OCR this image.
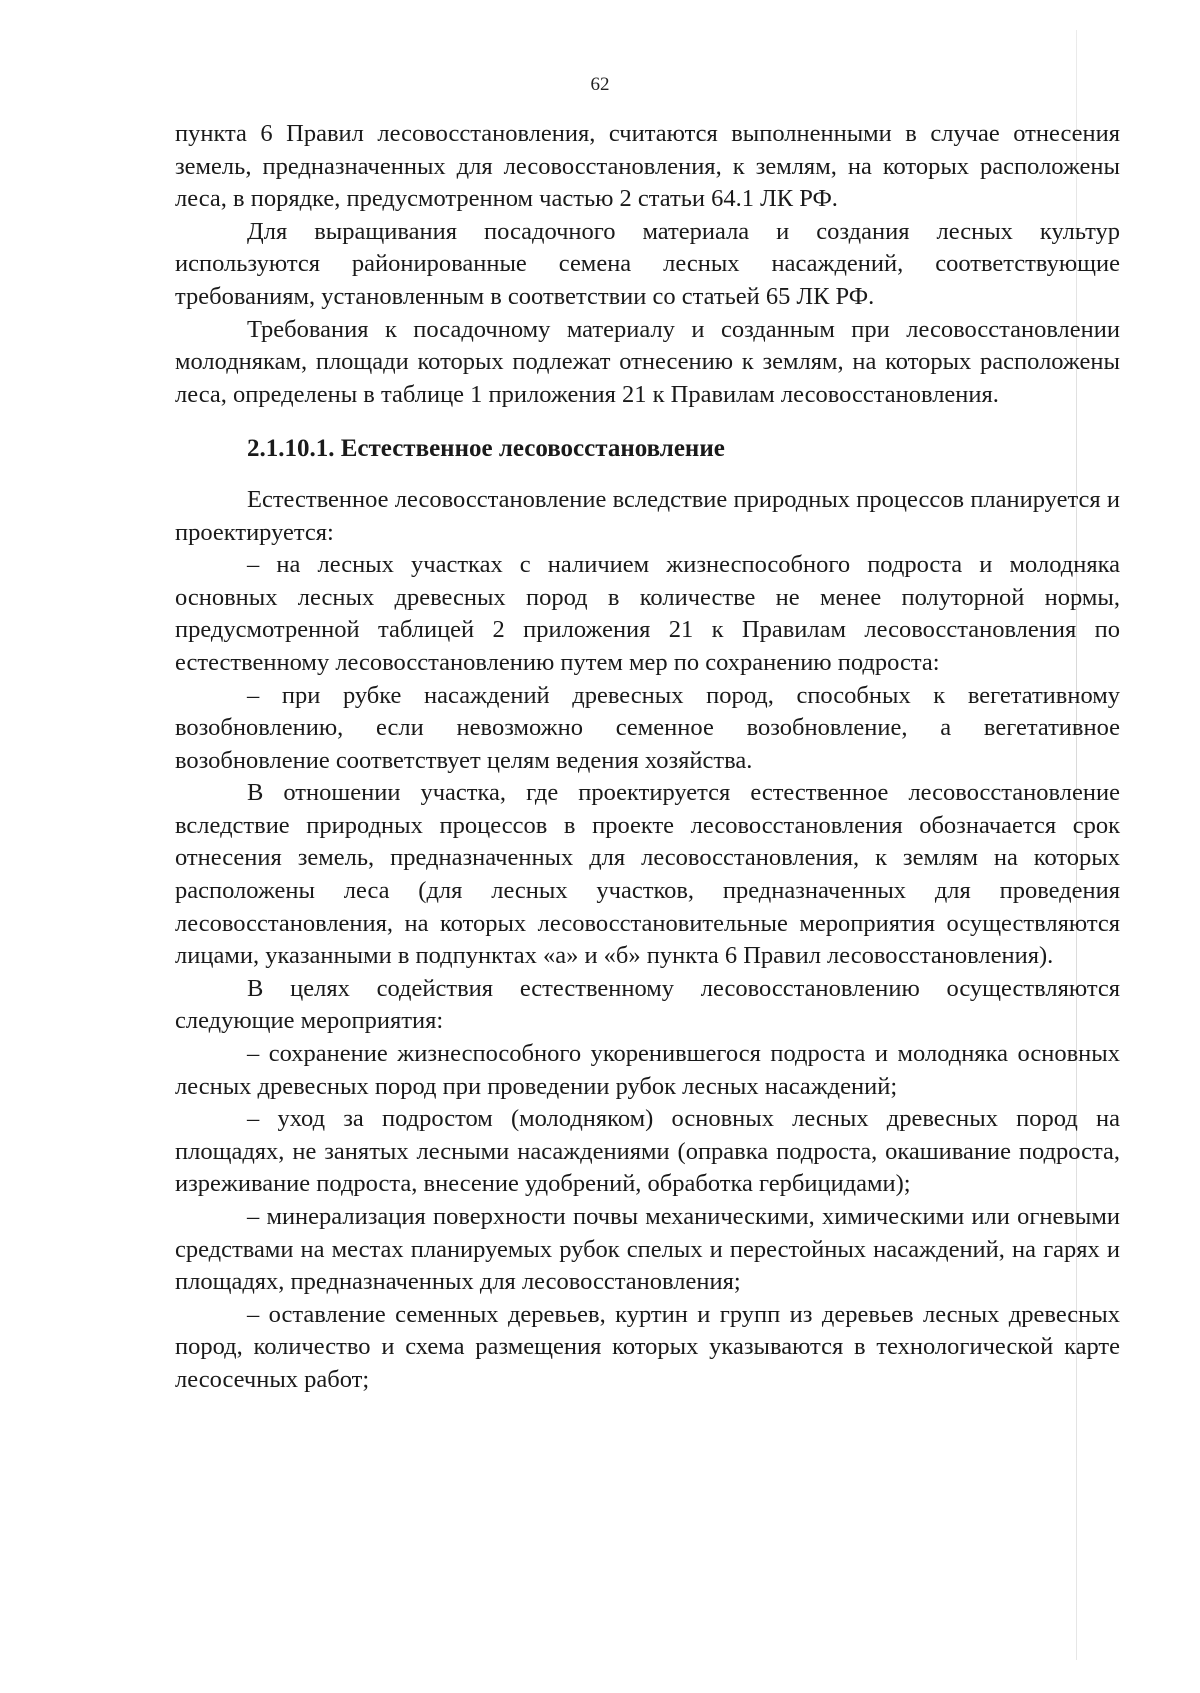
62

пункта 6 Правил лесовосстановления, считаются выполненными в случае отнесения земель, предназначенных для лесовосстановления, к землям, на которых расположены леса, в порядке, предусмотренном частью 2 статьи 64.1 ЛК РФ.

Для выращивания посадочного материала и создания лесных культур используются районированные семена лесных насаждений, соответствующие требованиям, установленным в соответствии со статьей 65 ЛК РФ.

Требования к посадочному материалу и созданным при лесовосстановлении молоднякам, площади которых подлежат отнесению к землям, на которых расположены леса, определены в таблице 1 приложения 21 к Правилам лесовосстановления.

2.1.10.1. Естественное лесовосстановление

Естественное лесовосстановление вследствие природных процессов планируется и проектируется:

– на лесных участках с наличием жизнеспособного подроста и молодняка основных лесных древесных пород в количестве не менее полуторной нормы, предусмотренной таблицей 2 приложения 21 к Правилам лесовосстановления по естественному лесовосстановлению путем мер по сохранению подроста:

– при рубке насаждений древесных пород, способных к вегетативному возобновлению, если невозможно семенное возобновление, а вегетативное возобновление соответствует целям ведения хозяйства.

В отношении участка, где проектируется естественное лесовосстановление вследствие природных процессов в проекте лесовосстановления обозначается срок отнесения земель, предназначенных для лесовосстановления, к землям на которых расположены леса (для лесных участков, предназначенных для проведения лесовосстановления, на которых лесовосстановительные мероприятия осуществляются лицами, указанными в подпунктах «а» и «б» пункта 6 Правил лесовосстановления).

В целях содействия естественному лесовосстановлению осуществляются следующие мероприятия:

– сохранение жизнеспособного укоренившегося подроста и молодняка основных лесных древесных пород при проведении рубок лесных насаждений;

– уход за подростом (молодняком) основных лесных древесных пород на площадях, не занятых лесными насаждениями (оправка подроста, окашивание подроста, изреживание подроста, внесение удобрений, обработка гербицидами);

– минерализация поверхности почвы механическими, химическими или огневыми средствами на местах планируемых рубок спелых и перестойных насаждений, на гарях и площадях, предназначенных для лесовосстановления;

– оставление семенных деревьев, куртин и групп из деревьев лесных древесных пород, количество и схема размещения которых указываются в технологической карте лесосечных работ;
